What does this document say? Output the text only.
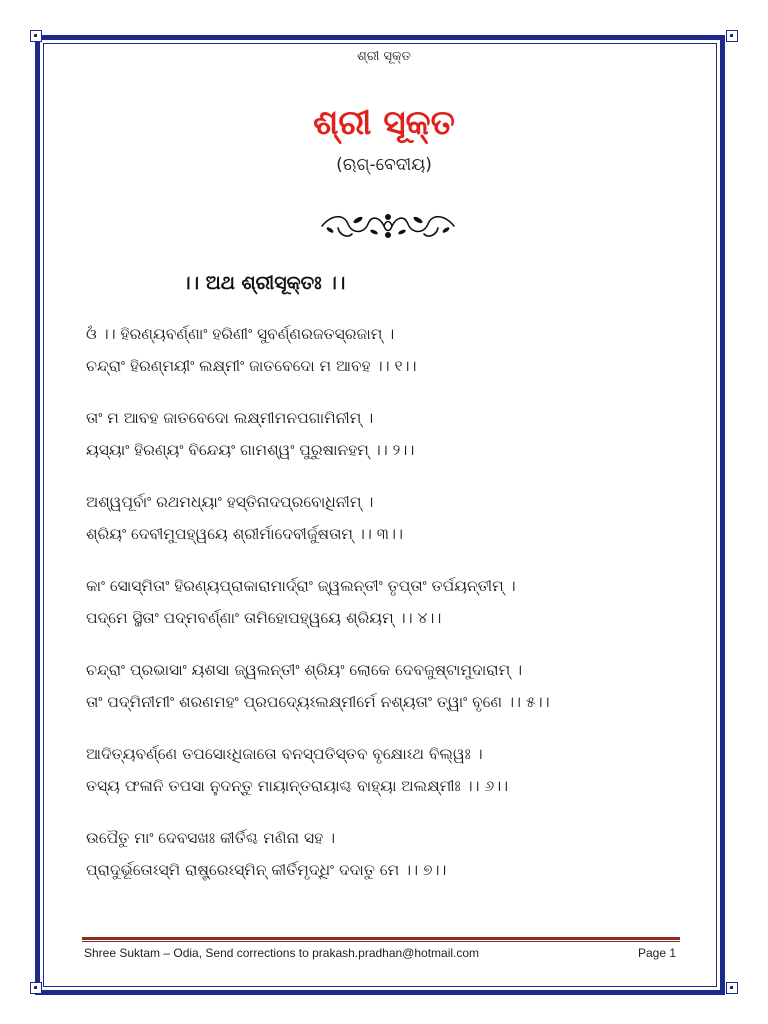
ଶ୍ରୀ ସୂକ୍ତ
ଶ୍ରୀ ସୂକ୍ତ
(ଋଗ୍-ବେଦୀୟ)
।। ଅଥ ଶ୍ରୀସୂକ୍ତଃ ।।
ଓଁ ।। ହିରଣ୍ୟବର୍ଣ୍ଣାଂ ହରିଣୀଂ ସୁବର୍ଣ୍ଣରଜତସ୍ରଜାମ୍ ।
ଚନ୍ଦ୍ରାଂ ହିରଣ୍ମୟୀଂ ଲକ୍ଷ୍ମୀଂ ଜାତବେଦୋ ମ ଆବହ ।। ୧।।
ତାଂ ମ ଆବହ ଜାତବେଦୋ ଲକ୍ଷ୍ମୀମନପଗାମିନୀମ୍ ।
ୟସ୍ୟାଂ ହିରଣ୍ୟଂ ବିନ୍ଦେୟଂ ଗାମଶ୍ୱଂ ପୁରୁଷାନହମ୍ ।। ୨।।
ଅଶ୍ୱପୂର୍ବାଂ ରଥମଧ୍ୟାଂ ହସ୍ତିନାଦପ୍ରବୋଧିନୀମ୍ ।
ଶ୍ରିୟଂ ଦେବୀମୁପହ୍ୱୟେ ଶ୍ରୀର୍ମାଦେବୀର୍ଜୁଷତାମ୍ ।। ୩।।
କାଂ ସୋସ୍ମିତାଂ ହିରଣ୍ୟପ୍ରାକାରାମାର୍ଦ୍ରାଂ ଜ୍ୱଲନ୍ତୀଂ ତୃପ୍ତାଂ ତର୍ପୟନ୍ତୀମ୍ ।
ପଦ୍ମେ ସ୍ଥିତାଂ ପଦ୍ମବର୍ଣ୍ଣାଂ ତାମିହୋପହ୍ୱୟେ ଶ୍ରିୟମ୍ ।। ୪।।
ଚନ୍ଦ୍ରାଂ ପ୍ରଭାସାଂ ୟଶସା ଜ୍ୱଲନ୍ତୀଂ ଶ୍ରିୟଂ ଲୋକେ ଦେବଜୁଷ୍ଟାମୁଦାରାମ୍ ।
ତାଂ ପଦ୍ମିନୀମୀଂ ଶରଣମହଂ ପ୍ରପଦ୍ୟେଽଲକ୍ଷ୍ମୀର୍ମେ ନଶ୍ୟତାଂ ତ୍ୱାଂ ବୃଣେ ।। ୫।।
ଆଦିତ୍ୟବର୍ଣ୍ଣେ ତପସୋଽଧିଜାତୋ ବନସ୍ପତିସ୍ତବ ବୃକ୍ଷୋଽଥ ବିଲ୍ୱଃ ।
ତସ୍ୟ ଫଳାନି ତପସା ନୁଦନ୍ତୁ ମାୟାନ୍ତରାୟାଶ୍ଚ ବାହ୍ୟା ଅଲକ୍ଷ୍ମୀଃ ।। ୬।।
ଉପୈତୁ ମାଂ ଦେବସଖଃ କୀର୍ତିଶ୍ଚ ମଣିନା ସହ ।
ପ୍ରାଦୁର୍ଭୂତୋଽସ୍ମି ରାଷ୍ଟ୍ରେଽସ୍ମିନ୍ କୀର୍ତିମୃଦ୍ଧିଂ ଦଦାତୁ ମେ ।। ୭।।
Shree Suktam – Odia, Send corrections to prakash.pradhan@hotmail.com	Page 1
